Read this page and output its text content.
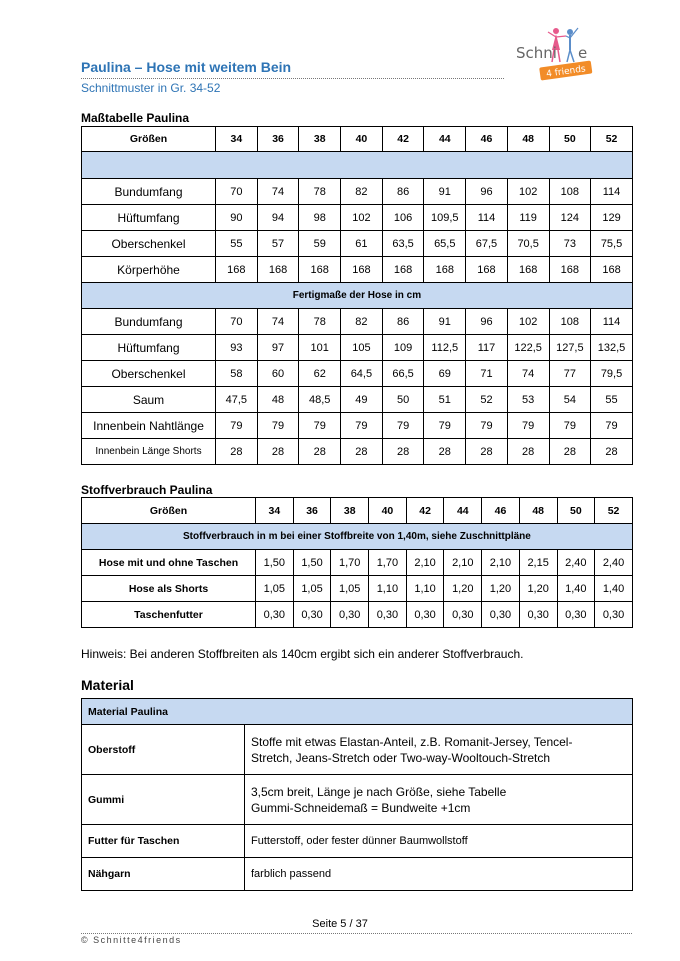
Paulina – Hose mit weitem Bein
Schnittmuster in Gr. 34-52
Schni e
4 friends
Maßtabelle Paulina
Größen	34	36	38	40	42	44	46	48	50	52

Bundumfang	70	74	78	82	86	91	96	102	108	114
Hüftumfang	90	94	98	102	106	109,5	114	119	124	129
Oberschenkel	55	57	59	61	63,5	65,5	67,5	70,5	73	75,5
Körperhöhe	168	168	168	168	168	168	168	168	168	168
Fertigmaße der Hose in cm										
Bundumfang	70	74	78	82	86	91	96	102	108	114
Hüftumfang	93	97	101	105	109	112,5	117	122,5	127,5	132,5
Oberschenkel	58	60	62	64,5	66,5	69	71	74	77	79,5
Saum	47,5	48	48,5	49	50	51	52	53	54	55
Innenbein Nahtlänge	79	79	79	79	79	79	79	79	79	79
Innenbein Länge Shorts	28	28	28	28	28	28	28	28	28	28
Stoffverbrauch Paulina
Größen	34	36	38	40	42	44	46	48	50	52
Stoffverbrauch in m bei einer Stoffbreite von 1,40m, siehe Zuschnittpläne										
Hose mit und ohne Taschen	1,50	1,50	1,70	1,70	2,10	2,10	2,10	2,15	2,40	2,40
Hose als Shorts	1,05	1,05	1,05	1,10	1,10	1,20	1,20	1,20	1,40	1,40
Taschenfutter	0,30	0,30	0,30	0,30	0,30	0,30	0,30	0,30	0,30	0,30
Hinweis: Bei anderen Stoffbreiten als 140cm ergibt sich ein anderer Stoffverbrauch.
Material
Material Paulina	
Oberstoff	Stoffe mit etwas Elastan-Anteil, z.B. Romanit-Jersey, Tencel-
Stretch, Jeans-Stretch oder Two-way-Wooltouch-Stretch

Gummi	3,5cm breit, Länge je nach Größe, siehe Tabelle
Gummi-Schneidemaß = Bundweite +1cm

Futter für Taschen	Futterstoff, oder fester dünner Baumwollstoff

Nähgarn	farblich passend
Seite 5 / 37
© Schnitte4friends
